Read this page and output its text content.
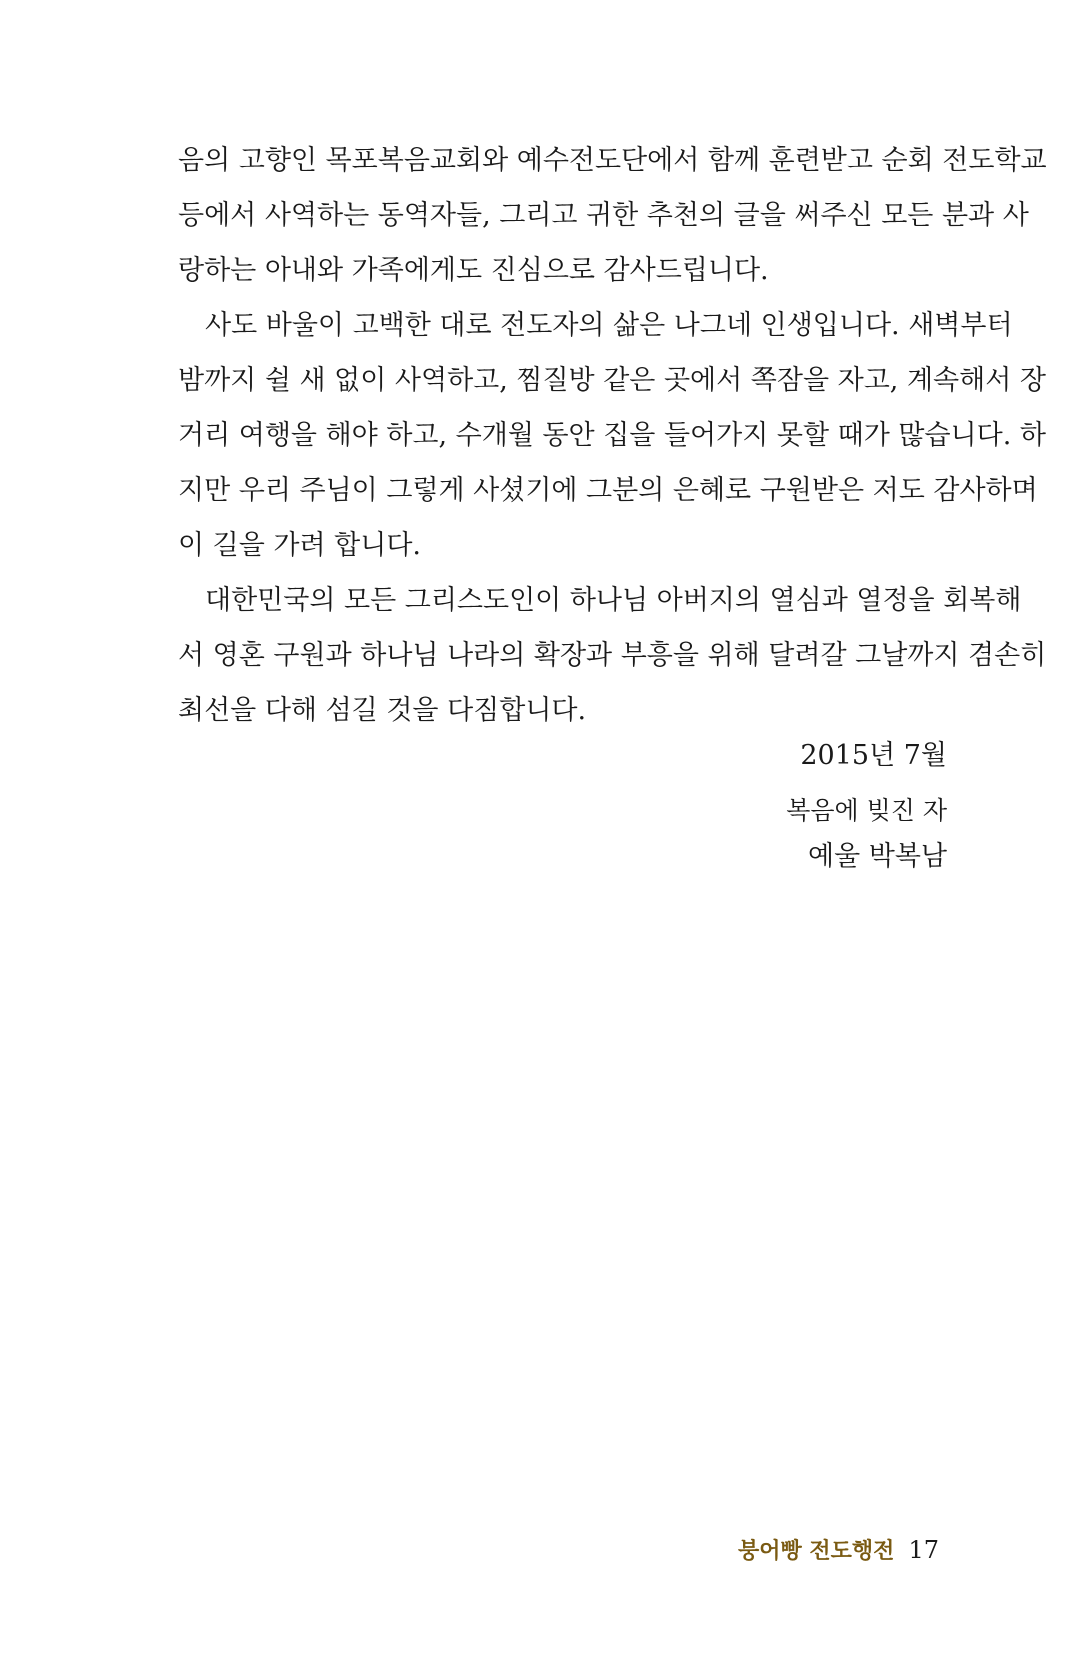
음의 고향인 목포복음교회와 예수전도단에서 함께 훈련받고 순회 전도학교
등에서 사역하는 동역자들, 그리고 귀한 추천의 글을 써주신 모든 분과 사
랑하는 아내와 가족에게도 진심으로 감사드립니다.
사도 바울이 고백한 대로 전도자의 삶은 나그네 인생입니다. 새벽부터
밤까지 쉴 새 없이 사역하고, 찜질방 같은 곳에서 쪽잠을 자고, 계속해서 장
거리 여행을 해야 하고, 수개월 동안 집을 들어가지 못할 때가 많습니다. 하
지만 우리 주님이 그렇게 사셨기에 그분의 은혜로 구원받은 저도 감사하며
이 길을 가려 합니다.
대한민국의 모든 그리스도인이 하나님 아버지의 열심과 열정을 회복해
서 영혼 구원과 하나님 나라의 확장과 부흥을 위해 달려갈 그날까지 겸손히
최선을 다해 섬길 것을 다짐합니다.
2015년 7월
복음에 빚진 자
예울 박복남
붕어빵 전도행전 17
